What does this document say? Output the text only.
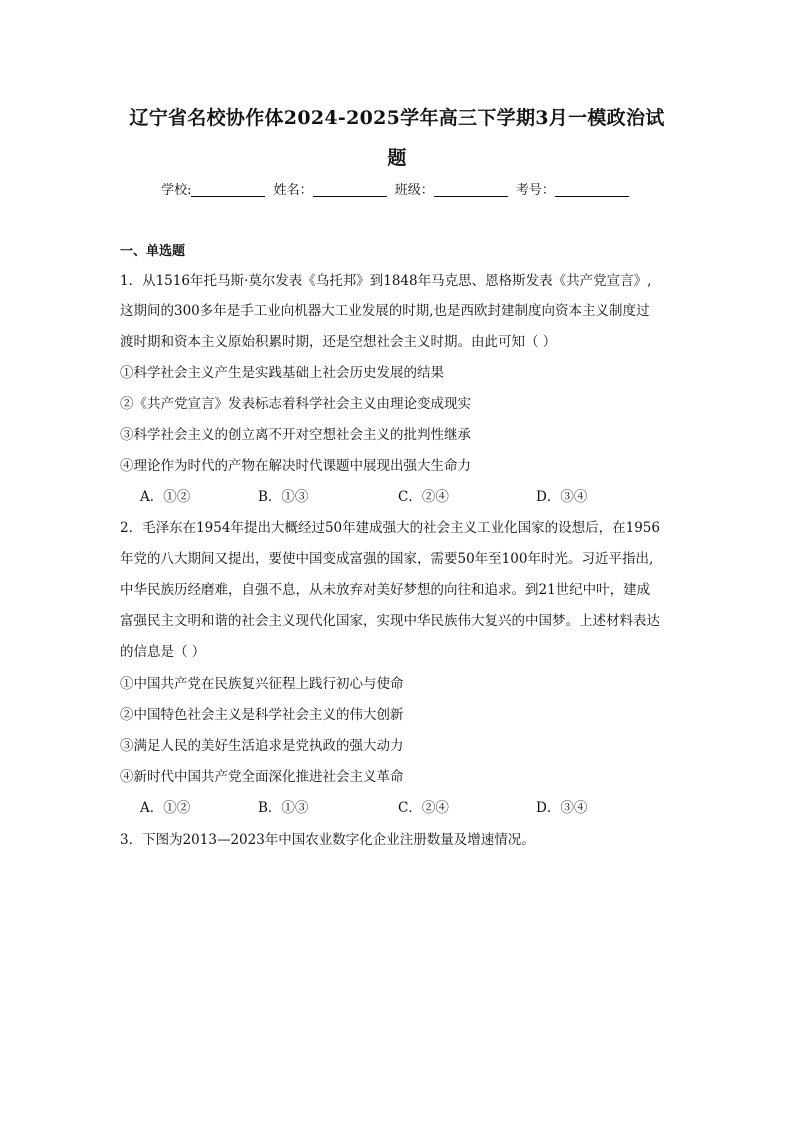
辽宁省名校协作体2024-2025学年高三下学期3月一模政治试
题
学校:	姓名：	班级：	考号：
一、单选题
1．从1516年托马斯·莫尔发表《乌托邦》到1848年马克思、恩格斯发表《共产党宣言》,
这期间的300多年是手工业向机器大工业发展的时期,也是西欧封建制度向资本主义制度过
渡时期和资本主义原始积累时期，还是空想社会主义时期。由此可知（ ）
①科学社会主义产生是实践基础上社会历史发展的结果
②《共产党宣言》发表标志着科学社会主义由理论变成现实
③科学社会主义的创立离不开对空想社会主义的批判性继承
④理论作为时代的产物在解决时代课题中展现出强大生命力
A．①②	B．①③	C．②④	D．③④
2．毛泽东在1954年提出大概经过50年建成强大的社会主义工业化国家的设想后，在1956
年党的八大期间又提出，要使中国变成富强的国家，需要50年至100年时光。习近平指出,
中华民族历经磨难，自强不息，从未放弃对美好梦想的向往和追求。到21世纪中叶，建成
富强民主文明和谐的社会主义现代化国家，实现中华民族伟大复兴的中国梦。上述材料表达
的信息是（ ）
①中国共产党在民族复兴征程上践行初心与使命
②中国特色社会主义是科学社会主义的伟大创新
③满足人民的美好生活追求是党执政的强大动力
④新时代中国共产党全面深化推进社会主义革命
A．①②	B．①③	C．②④	D．③④
3．下图为2013—2023年中国农业数字化企业注册数量及增速情况。
